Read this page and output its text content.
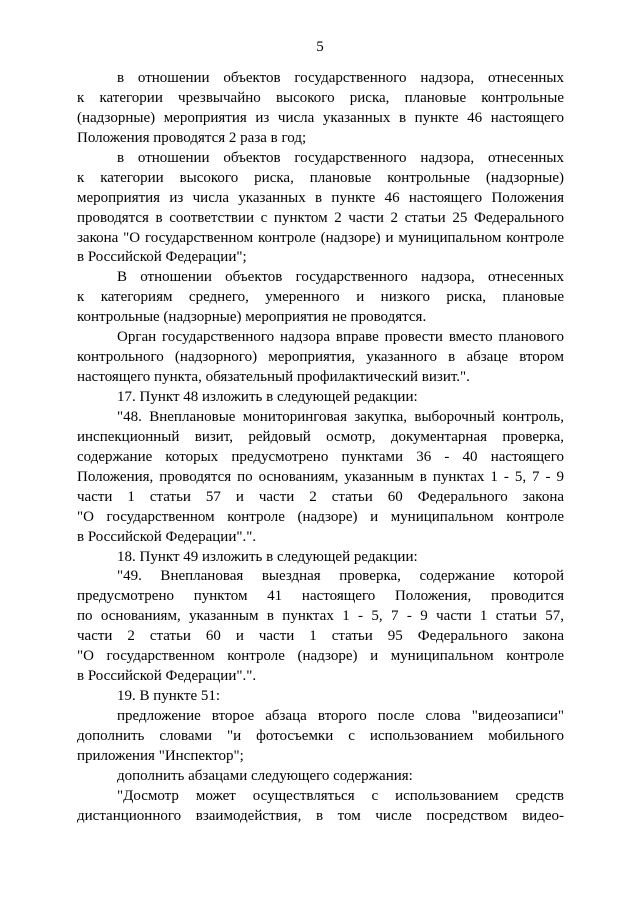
5
в отношении объектов государственного надзора, отнесенных
к категории чрезвычайно высокого риска, плановые контрольные
(надзорные) мероприятия из числа указанных в пункте 46 настоящего
Положения проводятся 2 раза в год;
в отношении объектов государственного надзора, отнесенных
к категории высокого риска, плановые контрольные (надзорные)
мероприятия из числа указанных в пункте 46 настоящего Положения
проводятся в соответствии с пунктом 2 части 2 статьи 25 Федерального
закона "О государственном контроле (надзоре) и муниципальном контроле
в Российской Федерации";
В отношении объектов государственного надзора, отнесенных
к категориям среднего, умеренного и низкого риска, плановые
контрольные (надзорные) мероприятия не проводятся.
Орган государственного надзора вправе провести вместо планового
контрольного (надзорного) мероприятия, указанного в абзаце втором
настоящего пункта, обязательный профилактический визит.".
17. Пункт 48 изложить в следующей редакции:
"48. Внеплановые мониторинговая закупка, выборочный контроль,
инспекционный визит, рейдовый осмотр, документарная проверка,
содержание которых предусмотрено пунктами 36 - 40 настоящего
Положения, проводятся по основаниям, указанным в пунктах 1 - 5, 7 - 9
части 1 статьи 57 и части 2 статьи 60 Федерального закона
"О государственном контроле (надзоре) и муниципальном контроле
в Российской Федерации".".
18. Пункт 49 изложить в следующей редакции:
"49. Внеплановая выездная проверка, содержание которой
предусмотрено пунктом 41 настоящего Положения, проводится
по основаниям, указанным в пунктах 1 - 5, 7 - 9 части 1 статьи 57,
части 2 статьи 60 и части 1 статьи 95 Федерального закона
"О государственном контроле (надзоре) и муниципальном контроле
в Российской Федерации".".
19. В пункте 51:
предложение второе абзаца второго после слова "видеозаписи"
дополнить словами "и фотосъемки с использованием мобильного
приложения "Инспектор";
дополнить абзацами следующего содержания:
"Досмотр может осуществляться с использованием средств
дистанционного взаимодействия, в том числе посредством видео-
